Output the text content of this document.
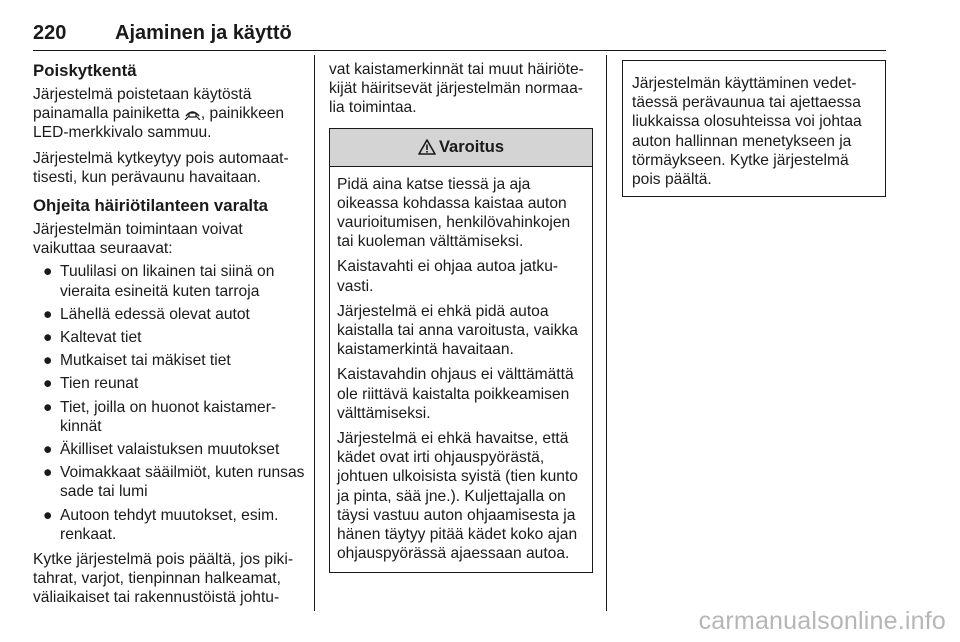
220 Ajaminen ja käyttö

Poiskytkentä

Järjestelmä poistetaan käytöstä painamalla painiketta , painikkeen LED-merkkivalo sammuu.

Järjestelmä kytkeytyy pois automaattisesti, kun perävaunu havaitaan.

Ohjeita häiriötilanteen varalta

Järjestelmän toimintaan voivat vaikuttaa seuraavat:

● Tuulilasi on likainen tai siinä on vieraita esineitä kuten tarroja
● Lähellä edessä olevat autot
● Kaltevat tiet
● Mutkaiset tai mäkiset tiet
● Tien reunat
● Tiet, joilla on huonot kaistamerkinnät
● Äkilliset valaistuksen muutokset
● Voimakkaat sääilmiöt, kuten runsas sade tai lumi
● Autoon tehdyt muutokset, esim. renkaat.

Kytke järjestelmä pois päältä, jos pikitahrat, varjot, tienpinnan halkeamat, väliaikaiset tai rakennustöistä johtu-

vat kaistamerkinnät tai muut häiriötekijät häiritsevät järjestelmän normaalia toimintaa.

Varoitus

Pidä aina katse tiessä ja aja oikeassa kohdassa kaistaa auton vaurioitumisen, henkilövahinkojen tai kuoleman välttämiseksi.

Kaistavahti ei ohjaa autoa jatkuvasti.

Järjestelmä ei ehkä pidä autoa kaistalla tai anna varoitusta, vaikka kaistamerkintä havaitaan.

Kaistavahdin ohjaus ei välttämättä ole riittävä kaistalta poikkeamisen välttämiseksi.

Järjestelmä ei ehkä havaitse, että kädet ovat irti ohjauspyörästä, johtuen ulkoisista syistä (tien kunto ja pinta, sää jne.). Kuljettajalla on täysi vastuu auton ohjaamisesta ja hänen täytyy pitää kädet koko ajan ohjauspyörässä ajaessaan autoa.

Järjestelmän käyttäminen vedettäessä perävaunua tai ajettaessa liukkaissa olosuhteissa voi johtaa auton hallinnan menetykseen ja törmäykseen. Kytke järjestelmä pois päältä.

carmanualsonline.info
